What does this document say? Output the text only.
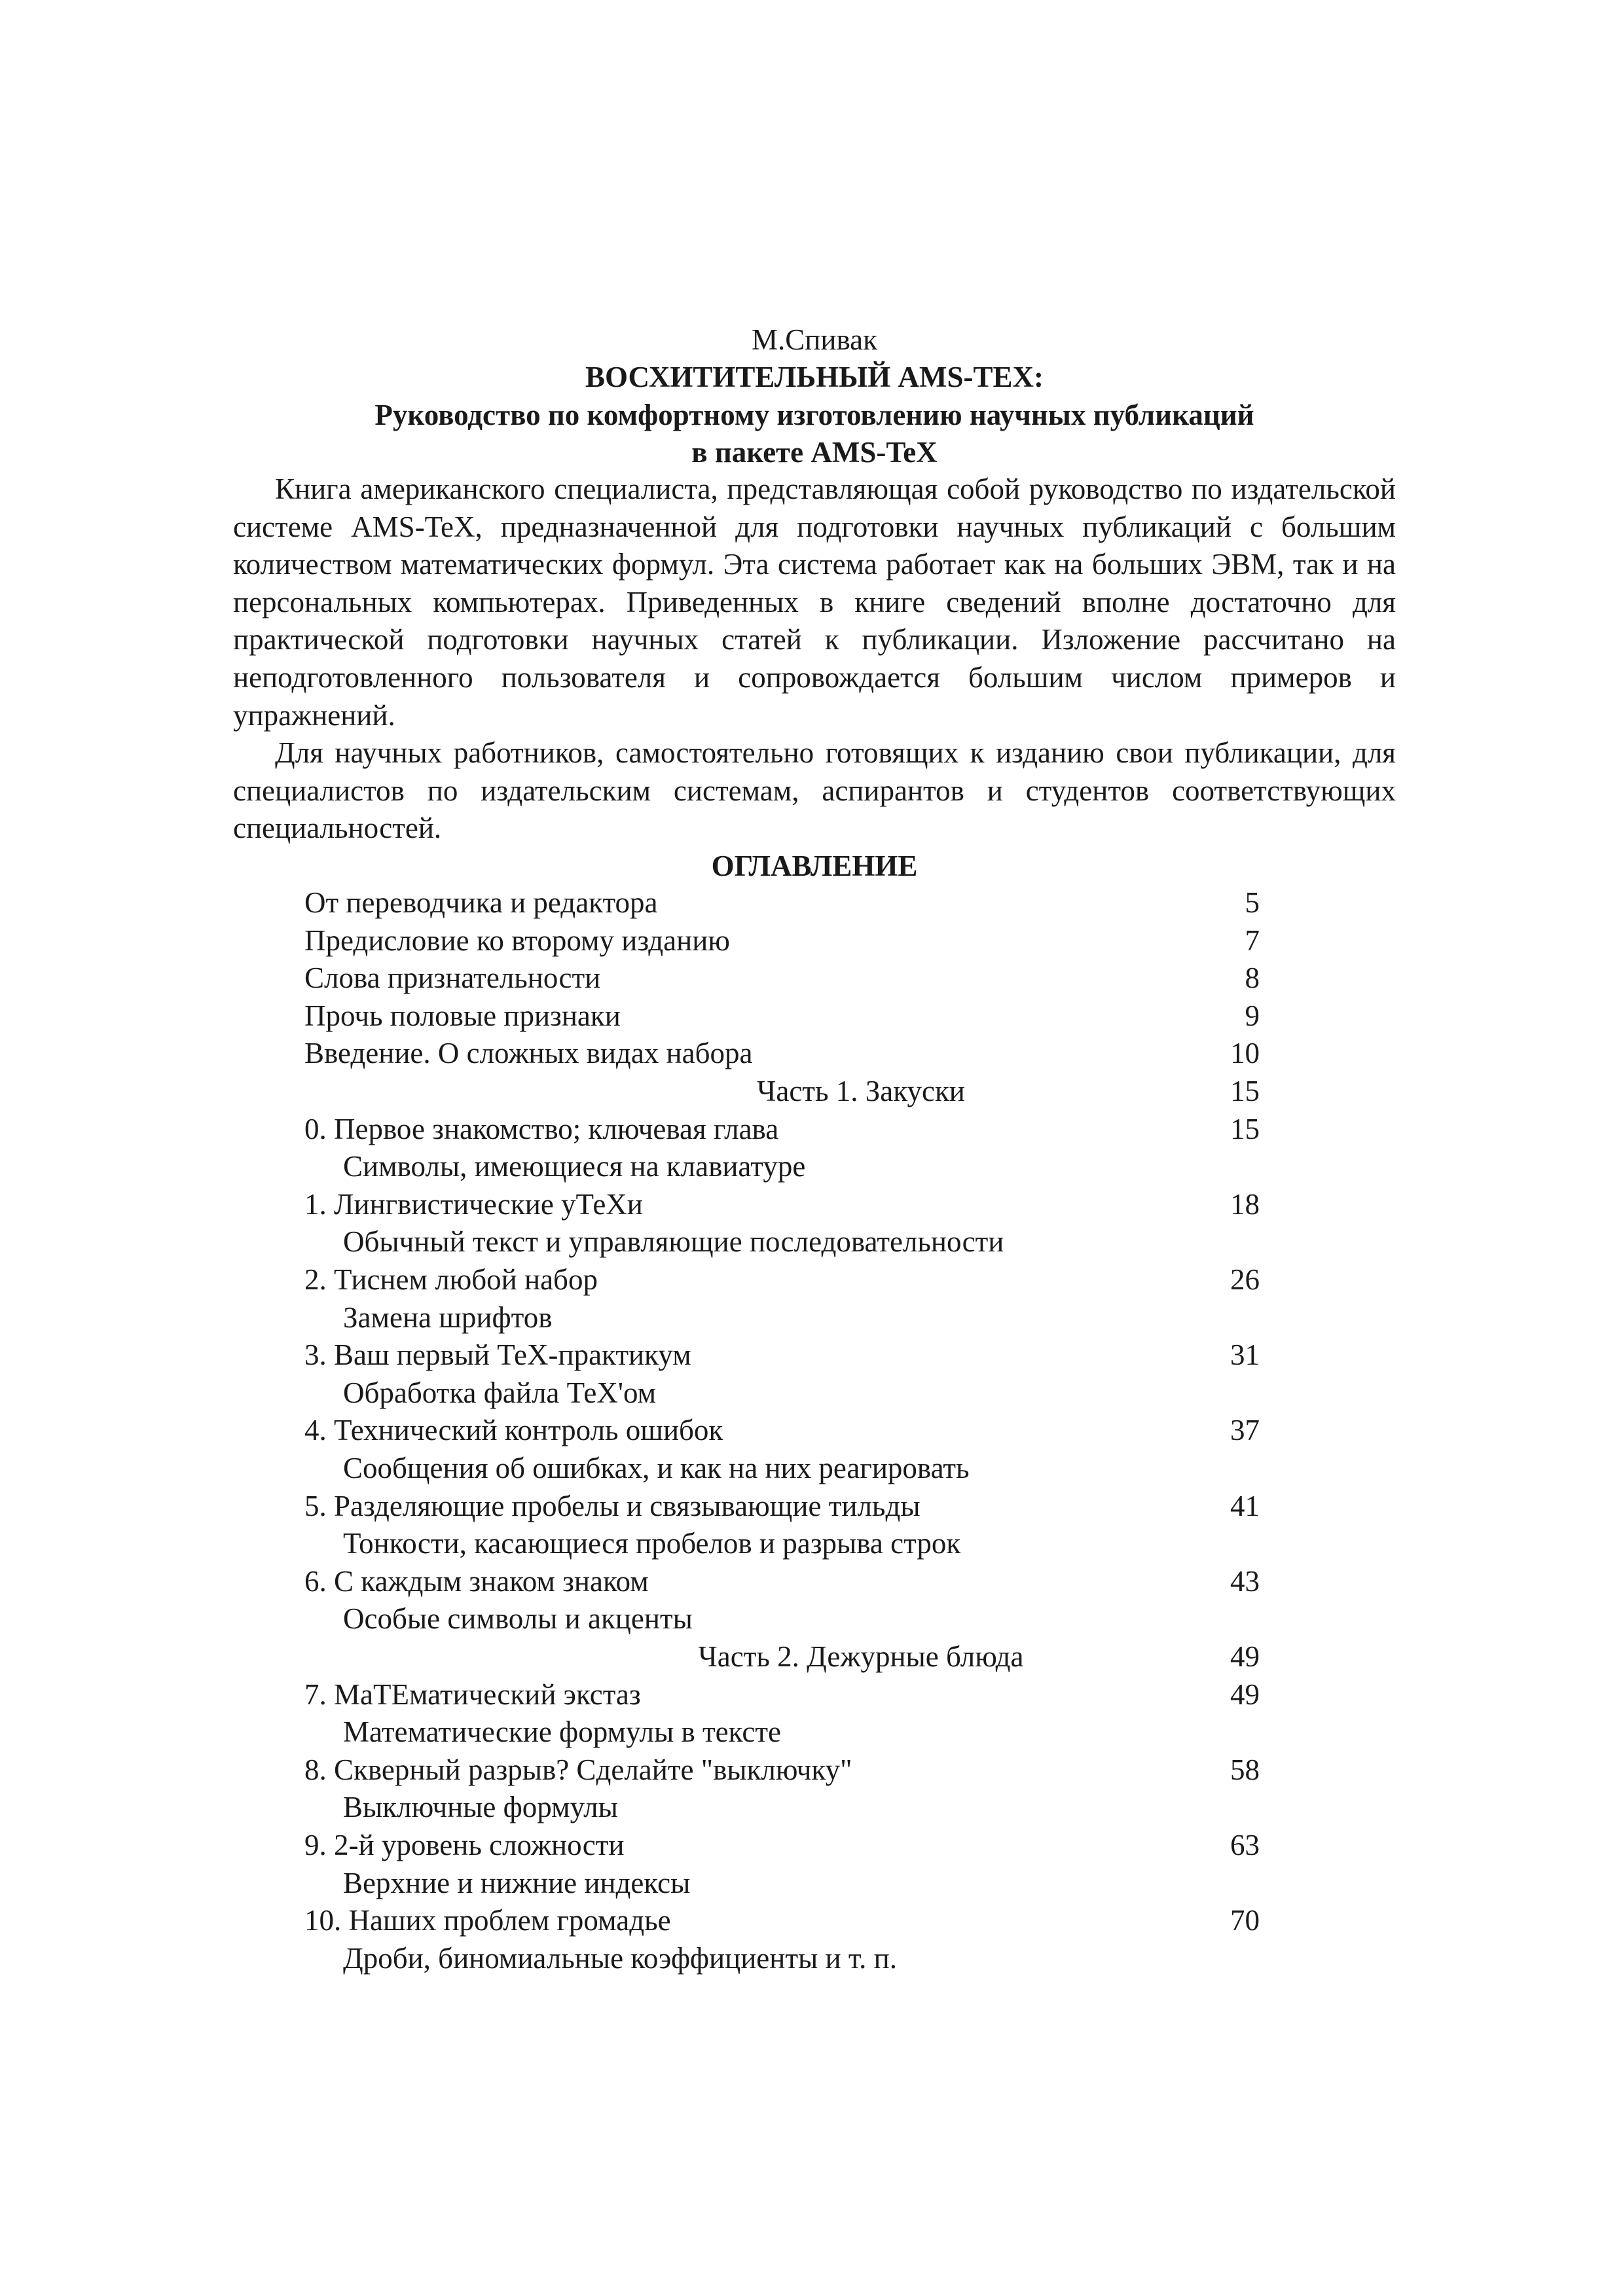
М.Спивак
ВОСХИТИТЕЛЬНЫЙ AMS-TEX:
Руководство по комфортному изготовлению научных публикаций
в пакете AMS-TeX

Книга американского специалиста, представляющая собой руководство по издательской системе AMS-TeX, предназначенной для подготовки научных публикаций с большим количеством математических формул. Эта система работает как на больших ЭВМ, так и на персональных компьютерах. Приведенных в книге сведений вполне достаточно для практической подготовки научных статей к публикации. Изложение рассчитано на неподготовленного пользователя и сопровождается большим числом примеров и упражнений.

Для научных работников, самостоятельно готовящих к изданию свои публикации, для специалистов по издательским системам, аспирантов и студентов соответствующих специальностей.

ОГЛАВЛЕНИЕ
От переводчика и редактора	5
Предисловие ко второму изданию	7
Слова признательности	8
Прочь половые признаки	9
Введение. О сложных видах набора	10
Часть 1. Закуски	15
0. Первое знакомство; ключевая глава	15
Символы, имеющиеся на клавиатуре
1. Лингвистические уТеХи	18
Обычный текст и управляющие последовательности
2. Тиснем любой набор	26
Замена шрифтов
3. Ваш первый ТеХ-практикум	31
Обработка файла ТеХ'ом
4. Технический контроль ошибок	37
Сообщения об ошибках, и как на них реагировать
5. Разделяющие пробелы и связывающие тильды	41
Тонкости, касающиеся пробелов и разрыва строк
6. С каждым знаком знаком	43
Особые символы и акценты
Часть 2. Дежурные блюда	49
7. МаТЕматический экстаз	49
Математические формулы в тексте
8. Скверный разрыв? Сделайте "выключку"	58
Выключные формулы
9. 2-й уровень сложности	63
Верхние и нижние индексы
10. Наших проблем громадье	70
Дроби, биномиальные коэффициенты и т. п.
